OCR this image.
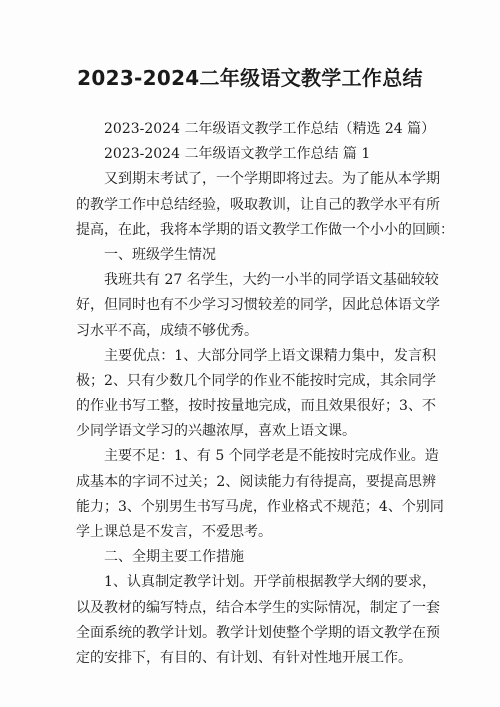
2023-2024二年级语文教学工作总结
2023-2024 二年级语文教学工作总结（精选 24 篇）
2023-2024 二年级语文教学工作总结 篇 1
又到期末考试了，一个学期即将过去。为了能从本学期
的教学工作中总结经验，吸取教训，让自己的教学水平有所
提高，在此，我将本学期的语文教学工作做一个小小的回顾：
一、班级学生情况
我班共有 27 名学生，大约一小半的同学语文基础较较
好，但同时也有不少学习习惯较差的同学，因此总体语文学
习水平不高，成绩不够优秀。
主要优点：1、大部分同学上语文课精力集中，发言积
极；2、只有少数几个同学的作业不能按时完成，其余同学
的作业书写工整，按时按量地完成，而且效果很好；3、不
少同学语文学习的兴趣浓厚，喜欢上语文课。
主要不足：1、有 5 个同学老是不能按时完成作业。造
成基本的字词不过关；2、阅读能力有待提高，要提高思辨
能力；3、个别男生书写马虎，作业格式不规范；4、个别同
学上课总是不发言，不爱思考。
二、全期主要工作措施
1、认真制定教学计划。开学前根据教学大纲的要求，
以及教材的编写特点，结合本学生的实际情况，制定了一套
全面系统的教学计划。教学计划使整个学期的语文教学在预
定的安排下，有目的、有计划、有针对性地开展工作。
